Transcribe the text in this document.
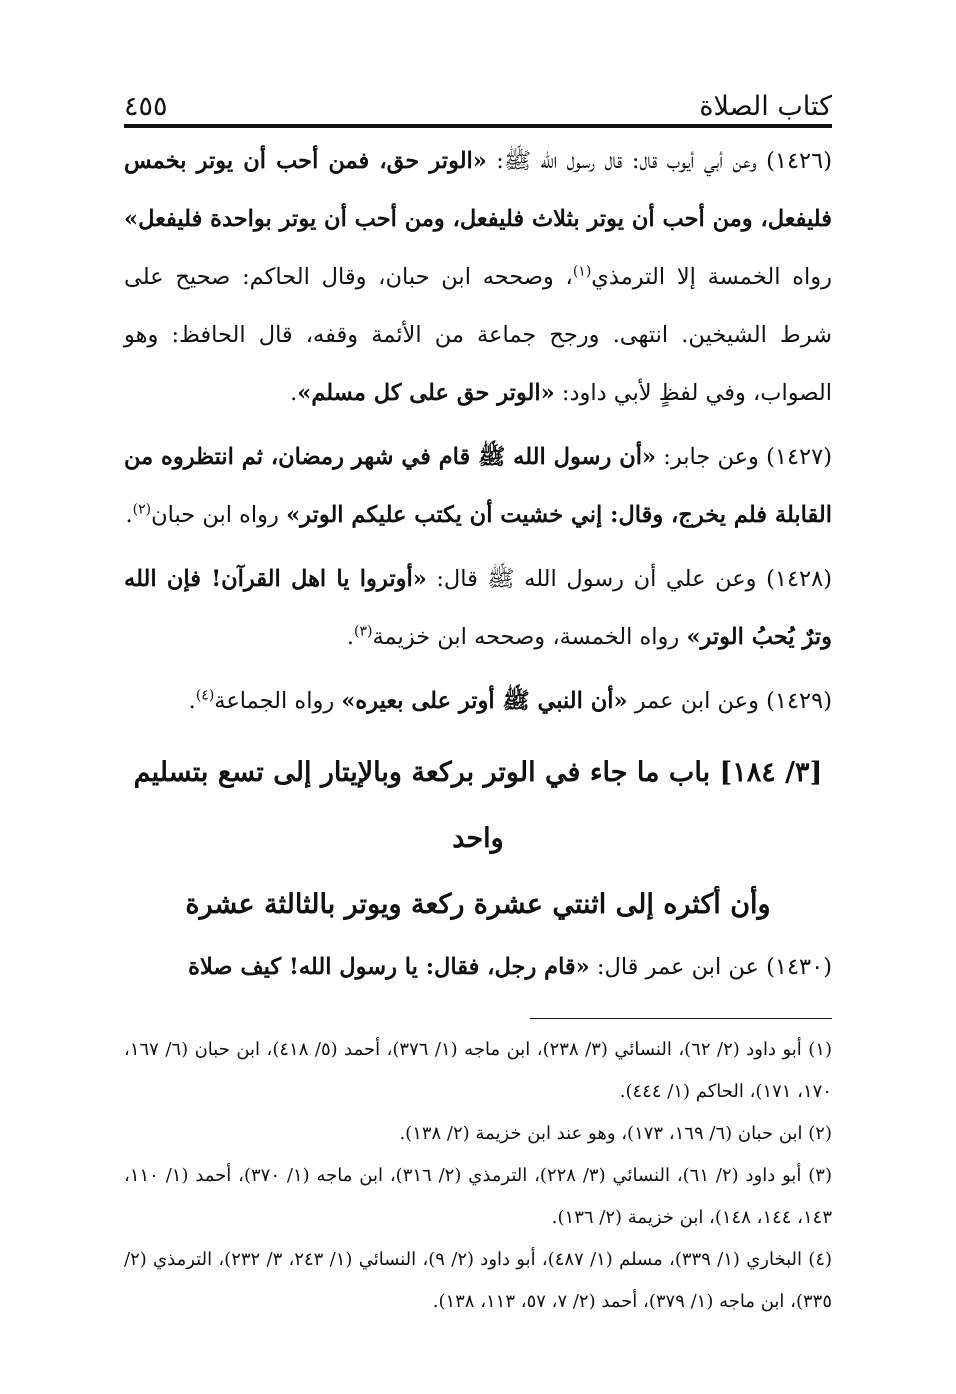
كتاب الصلاة
٤٥٥

(١٤٢٦) وعن أبي أيوب قال: قال رسول الله ﷺ: «الوتر حق، فمن أحب أن يوتر بخمس فليفعل، ومن أحب أن يوتر بثلاث فليفعل، ومن أحب أن يوتر بواحدة فليفعل» رواه الخمسة إلا الترمذي$^{(١)}$، وصححه ابن حبان، وقال الحاكم: صحيح على شرط الشيخين. انتهى. ورجح جماعة من الأئمة وقفه، قال الحافظ: وهو الصواب، وفي لفظٍ لأبي داود: «الوتر حق على كل مسلم».

(١٤٢٧) وعن جابر: «أن رسول الله ﷺ قام في شهر رمضان، ثم انتظروه من القابلة فلم يخرج، وقال: إني خشيت أن يكتب عليكم الوتر» رواه ابن حبان$^{(٢)}$.

(١٤٢٨) وعن علي أن رسول الله ﷺ قال: «أوتروا يا اهل القرآن! فإن الله وترٌ يُحبُ الوتر» رواه الخمسة، وصححه ابن خزيمة$^{(٣)}$.

(١٤٢٩) وعن ابن عمر «أن النبي ﷺ أوتر على بعيره» رواه الجماعة$^{(٤)}$.

[٣/ ١٨٤] باب ما جاء في الوتر بركعة وبالإيتار إلى تسع بتسليم واحد
وأن أكثره إلى اثنتي عشرة ركعة ويوتر بالثالثة عشرة

(١٤٣٠) عن ابن عمر قال: «قام رجل، فقال: يا رسول الله! كيف صلاة

(١) أبو داود (٢/ ٦٢)، النسائي (٣/ ٢٣٨)، ابن ماجه (١/ ٣٧٦)، أحمد (٥/ ٤١٨)، ابن حبان (٦/ ١٦٧، ١٧٠، ١٧١)، الحاكم (١/ ٤٤٤).

(٢) ابن حبان (٦/ ١٦٩، ١٧٣)، وهو عند ابن خزيمة (٢/ ١٣٨).

(٣) أبو داود (٢/ ٦١)، النسائي (٣/ ٢٢٨)، الترمذي (٢/ ٣١٦)، ابن ماجه (١/ ٣٧٠)، أحمد (١/ ١١٠، ١٤٣، ١٤٤، ١٤٨)، ابن خزيمة (٢/ ١٣٦).

(٤) البخاري (١/ ٣٣٩)، مسلم (١/ ٤٨٧)، أبو داود (٢/ ٩)، النسائي (١/ ٢٤٣، ٣/ ٢٣٢)، الترمذي (٢/ ٣٣٥)، ابن ماجه (١/ ٣٧٩)، أحمد (٢/ ٧، ٥٧، ١١٣، ١٣٨).
